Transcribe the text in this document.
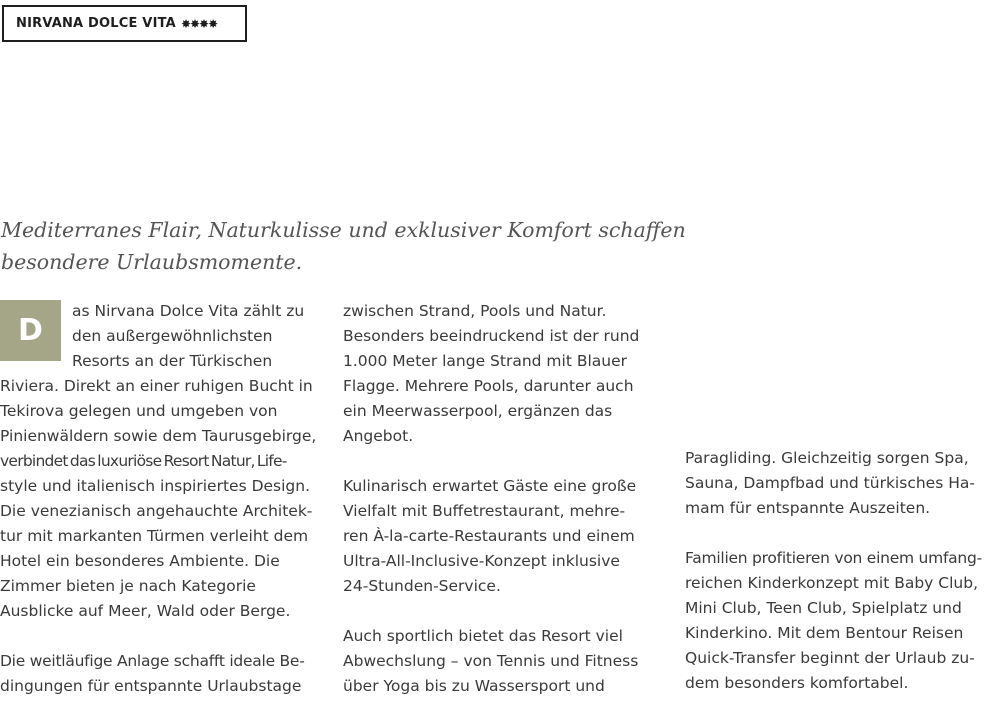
NIRVANA DOLCE VITA ✸✸✸✸

Mediterranes Flair, Naturkulisse und exklusiver Komfort schaffen
besondere Urlaubsmomente.

D
as Nirvana Dolce Vita zählt zu
den außergewöhnlichsten
Resorts an der Türkischen
Riviera. Direkt an einer ruhigen Bucht in
Tekirova gelegen und umgeben von
Pinienwäldern sowie dem Taurusgebirge,
verbindet das luxuriöse Resort Natur, Life-
style und italienisch inspiriertes Design.
Die venezianisch angehauchte Architek-
tur mit markanten Türmen verleiht dem
Hotel ein besonderes Ambiente. Die
Zimmer bieten je nach Kategorie
Ausblicke auf Meer, Wald oder Berge.

Die weitläufige Anlage schafft ideale Be-
dingungen für entspannte Urlaubstage

zwischen Strand, Pools und Natur.
Besonders beeindruckend ist der rund
1.000 Meter lange Strand mit Blauer
Flagge. Mehrere Pools, darunter auch
ein Meerwasserpool, ergänzen das
Angebot.

Kulinarisch erwartet Gäste eine große
Vielfalt mit Buffetrestaurant, mehre-
ren À-la-carte-Restaurants und einem
Ultra-All-Inclusive-Konzept inklusive
24-Stunden-Service.

Auch sportlich bietet das Resort viel
Abwechslung – von Tennis und Fitness
über Yoga bis zu Wassersport und

Paragliding. Gleichzeitig sorgen Spa,
Sauna, Dampfbad und türkisches Ha-
mam für entspannte Auszeiten.

Familien profitieren von einem umfang-
reichen Kinderkonzept mit Baby Club,
Mini Club, Teen Club, Spielplatz und
Kinderkino. Mit dem Bentour Reisen
Quick-Transfer beginnt der Urlaub zu-
dem besonders komfortabel.
